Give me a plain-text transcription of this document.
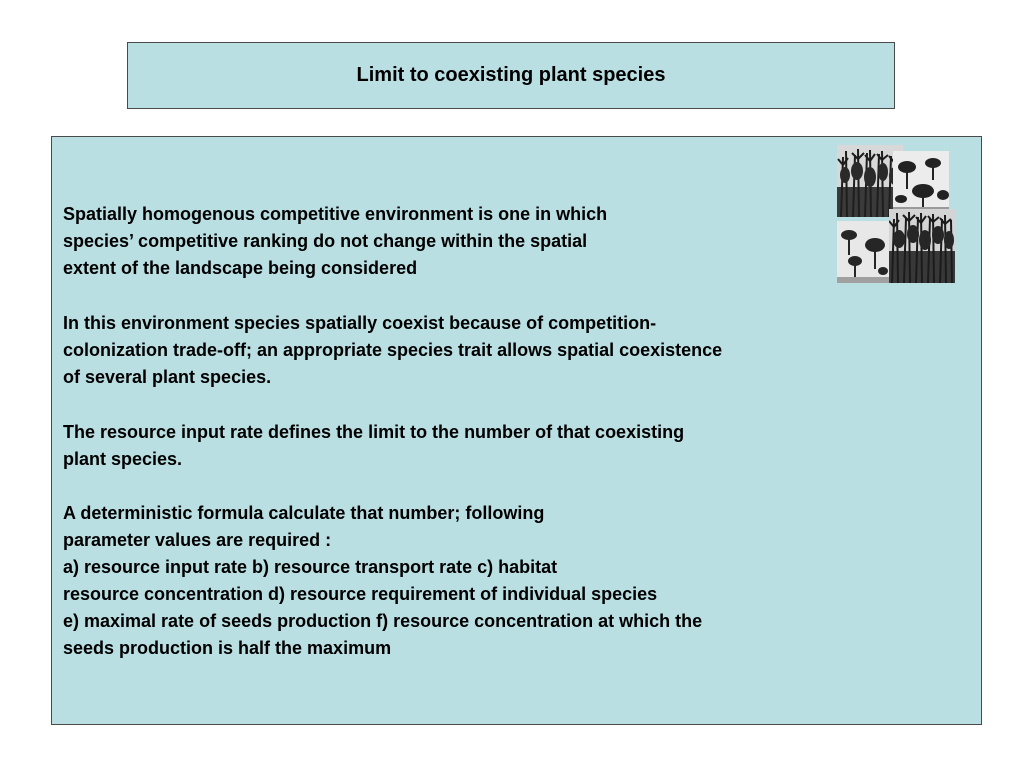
Limit to coexisting plant species
Spatially homogenous competitive environment is one in which
species’ competitive ranking do not change within the spatial
extent of the landscape being considered
In this environment species spatially coexist because of competition-
colonization trade-off; an appropriate species trait allows spatial coexistence
of several plant species.
The resource input rate defines the limit to the number of that coexisting
plant species.
A deterministic formula calculate that number; following
parameter values are required :
a) resource input rate b) resource transport rate c) habitat
resource concentration d) resource requirement of individual species
e) maximal rate of seeds production f) resource concentration at which the
seeds production is half the maximum
